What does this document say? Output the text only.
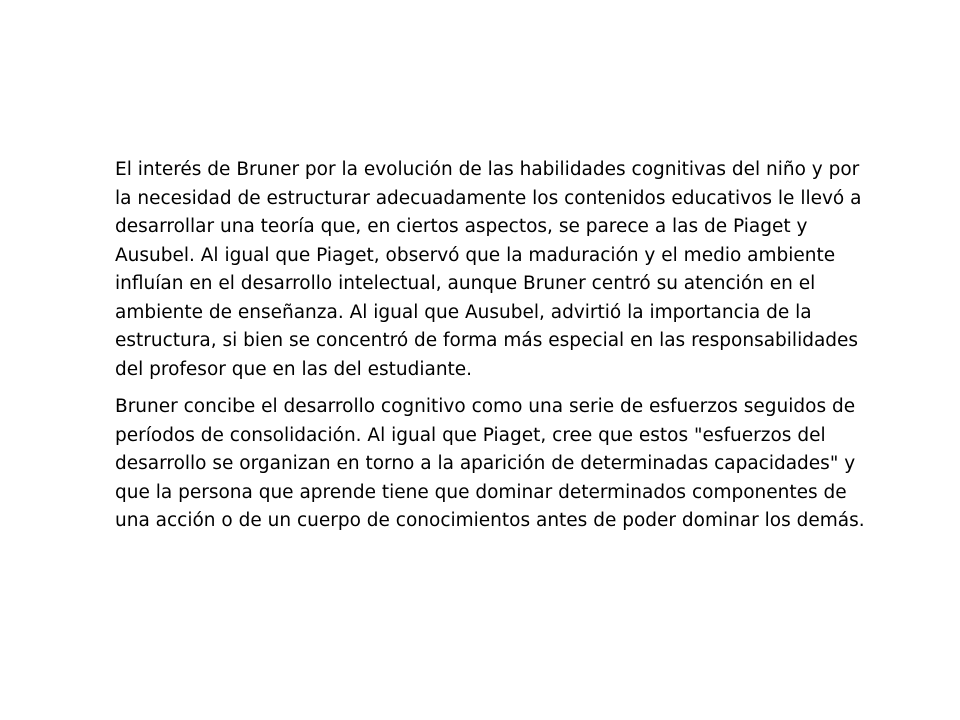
El interés de Bruner por la evolución de las habilidades cognitivas del niño y por la necesidad de estructurar adecuadamente los contenidos educativos le llevó a desarrollar una teoría que, en ciertos aspectos, se parece a las de Piaget y Ausubel. Al igual que Piaget, observó que la maduración y el medio ambiente influían en el desarrollo intelectual, aunque Bruner centró su atención en el ambiente de enseñanza. Al igual que Ausubel, advirtió la importancia de la estructura, si bien se concentró de forma más especial en las responsabilidades del profesor que en las del estudiante.

Bruner concibe el desarrollo cognitivo como una serie de esfuerzos seguidos de períodos de consolidación. Al igual que Piaget, cree que estos "esfuerzos del desarrollo se organizan en torno a la aparición de determinadas capacidades" y que la persona que aprende tiene que dominar determinados componentes de una acción o de un cuerpo de conocimientos antes de poder dominar los demás.
